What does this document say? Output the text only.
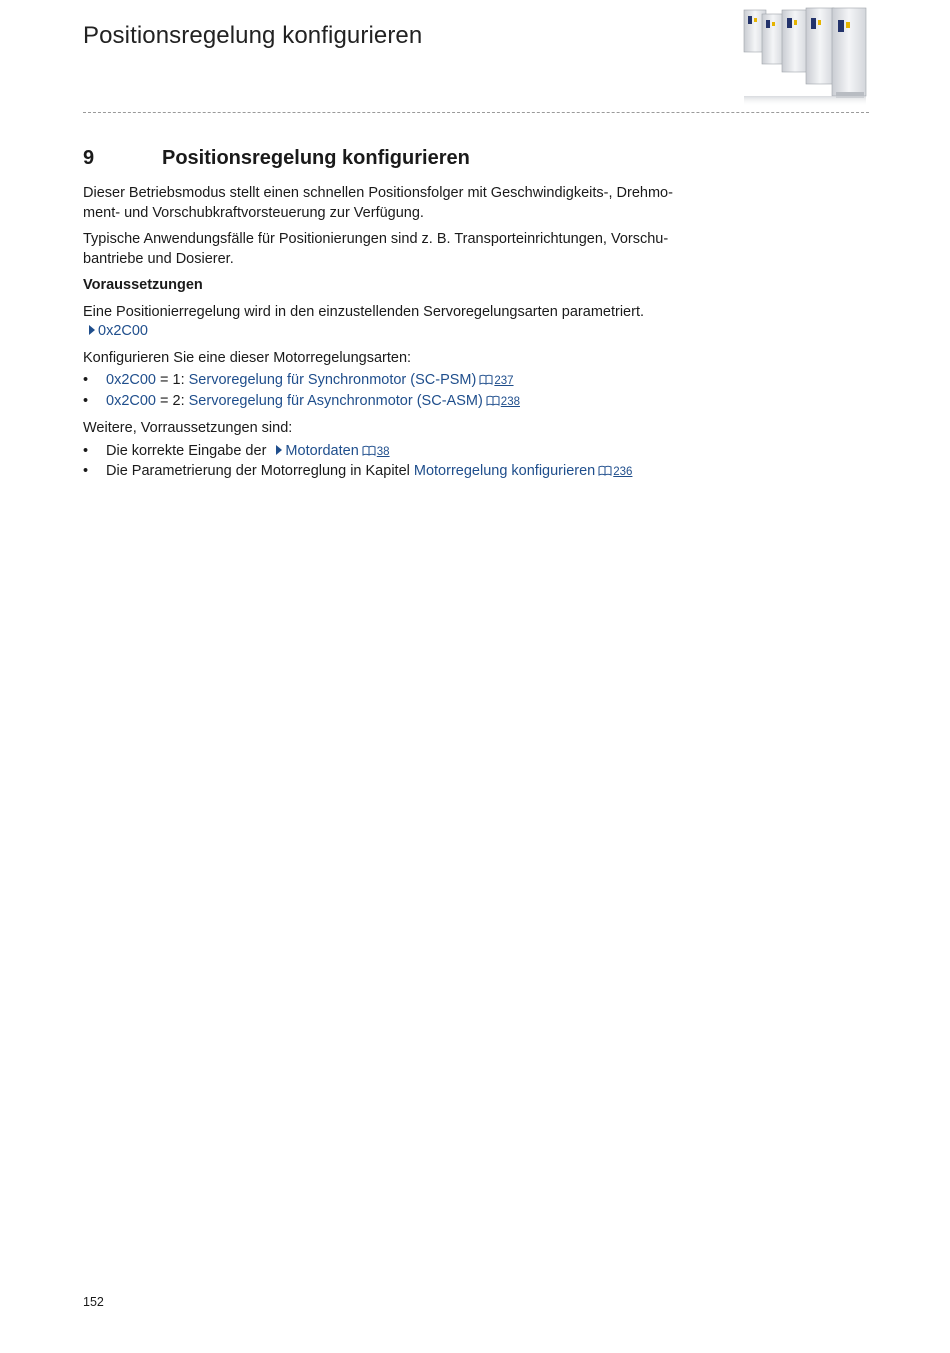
Positionsregelung konfigurieren
9	Positionsregelung konfigurieren

Dieser Betriebsmodus stellt einen schnellen Positionsfolger mit Geschwindigkeits-, Drehmo-ment- und Vorschubkraftvorsteuerung zur Verfügung.

Typische Anwendungsfälle für Positionierungen sind z. B. Transporteinrichtungen, Vorschu-
bantriebe und Dosierer.

Voraussetzungen

Eine Positionierregelung wird in den einzustellenden Servoregelungsarten parametriert.

0x2C00

Konfigurieren Sie eine dieser Motorregelungsarten:

• 0x2C00 = 1: Servoregelung für Synchronmotor (SC-PSM) 237
• 0x2C00 = 2: Servoregelung für Asynchronmotor (SC-ASM) 238

Weitere, Vorraussetzungen sind:

• Die korrekte Eingabe der Motordaten 38
• Die Parametrierung der Motorreglung in Kapitel Motorregelung konfigurieren 236
152
